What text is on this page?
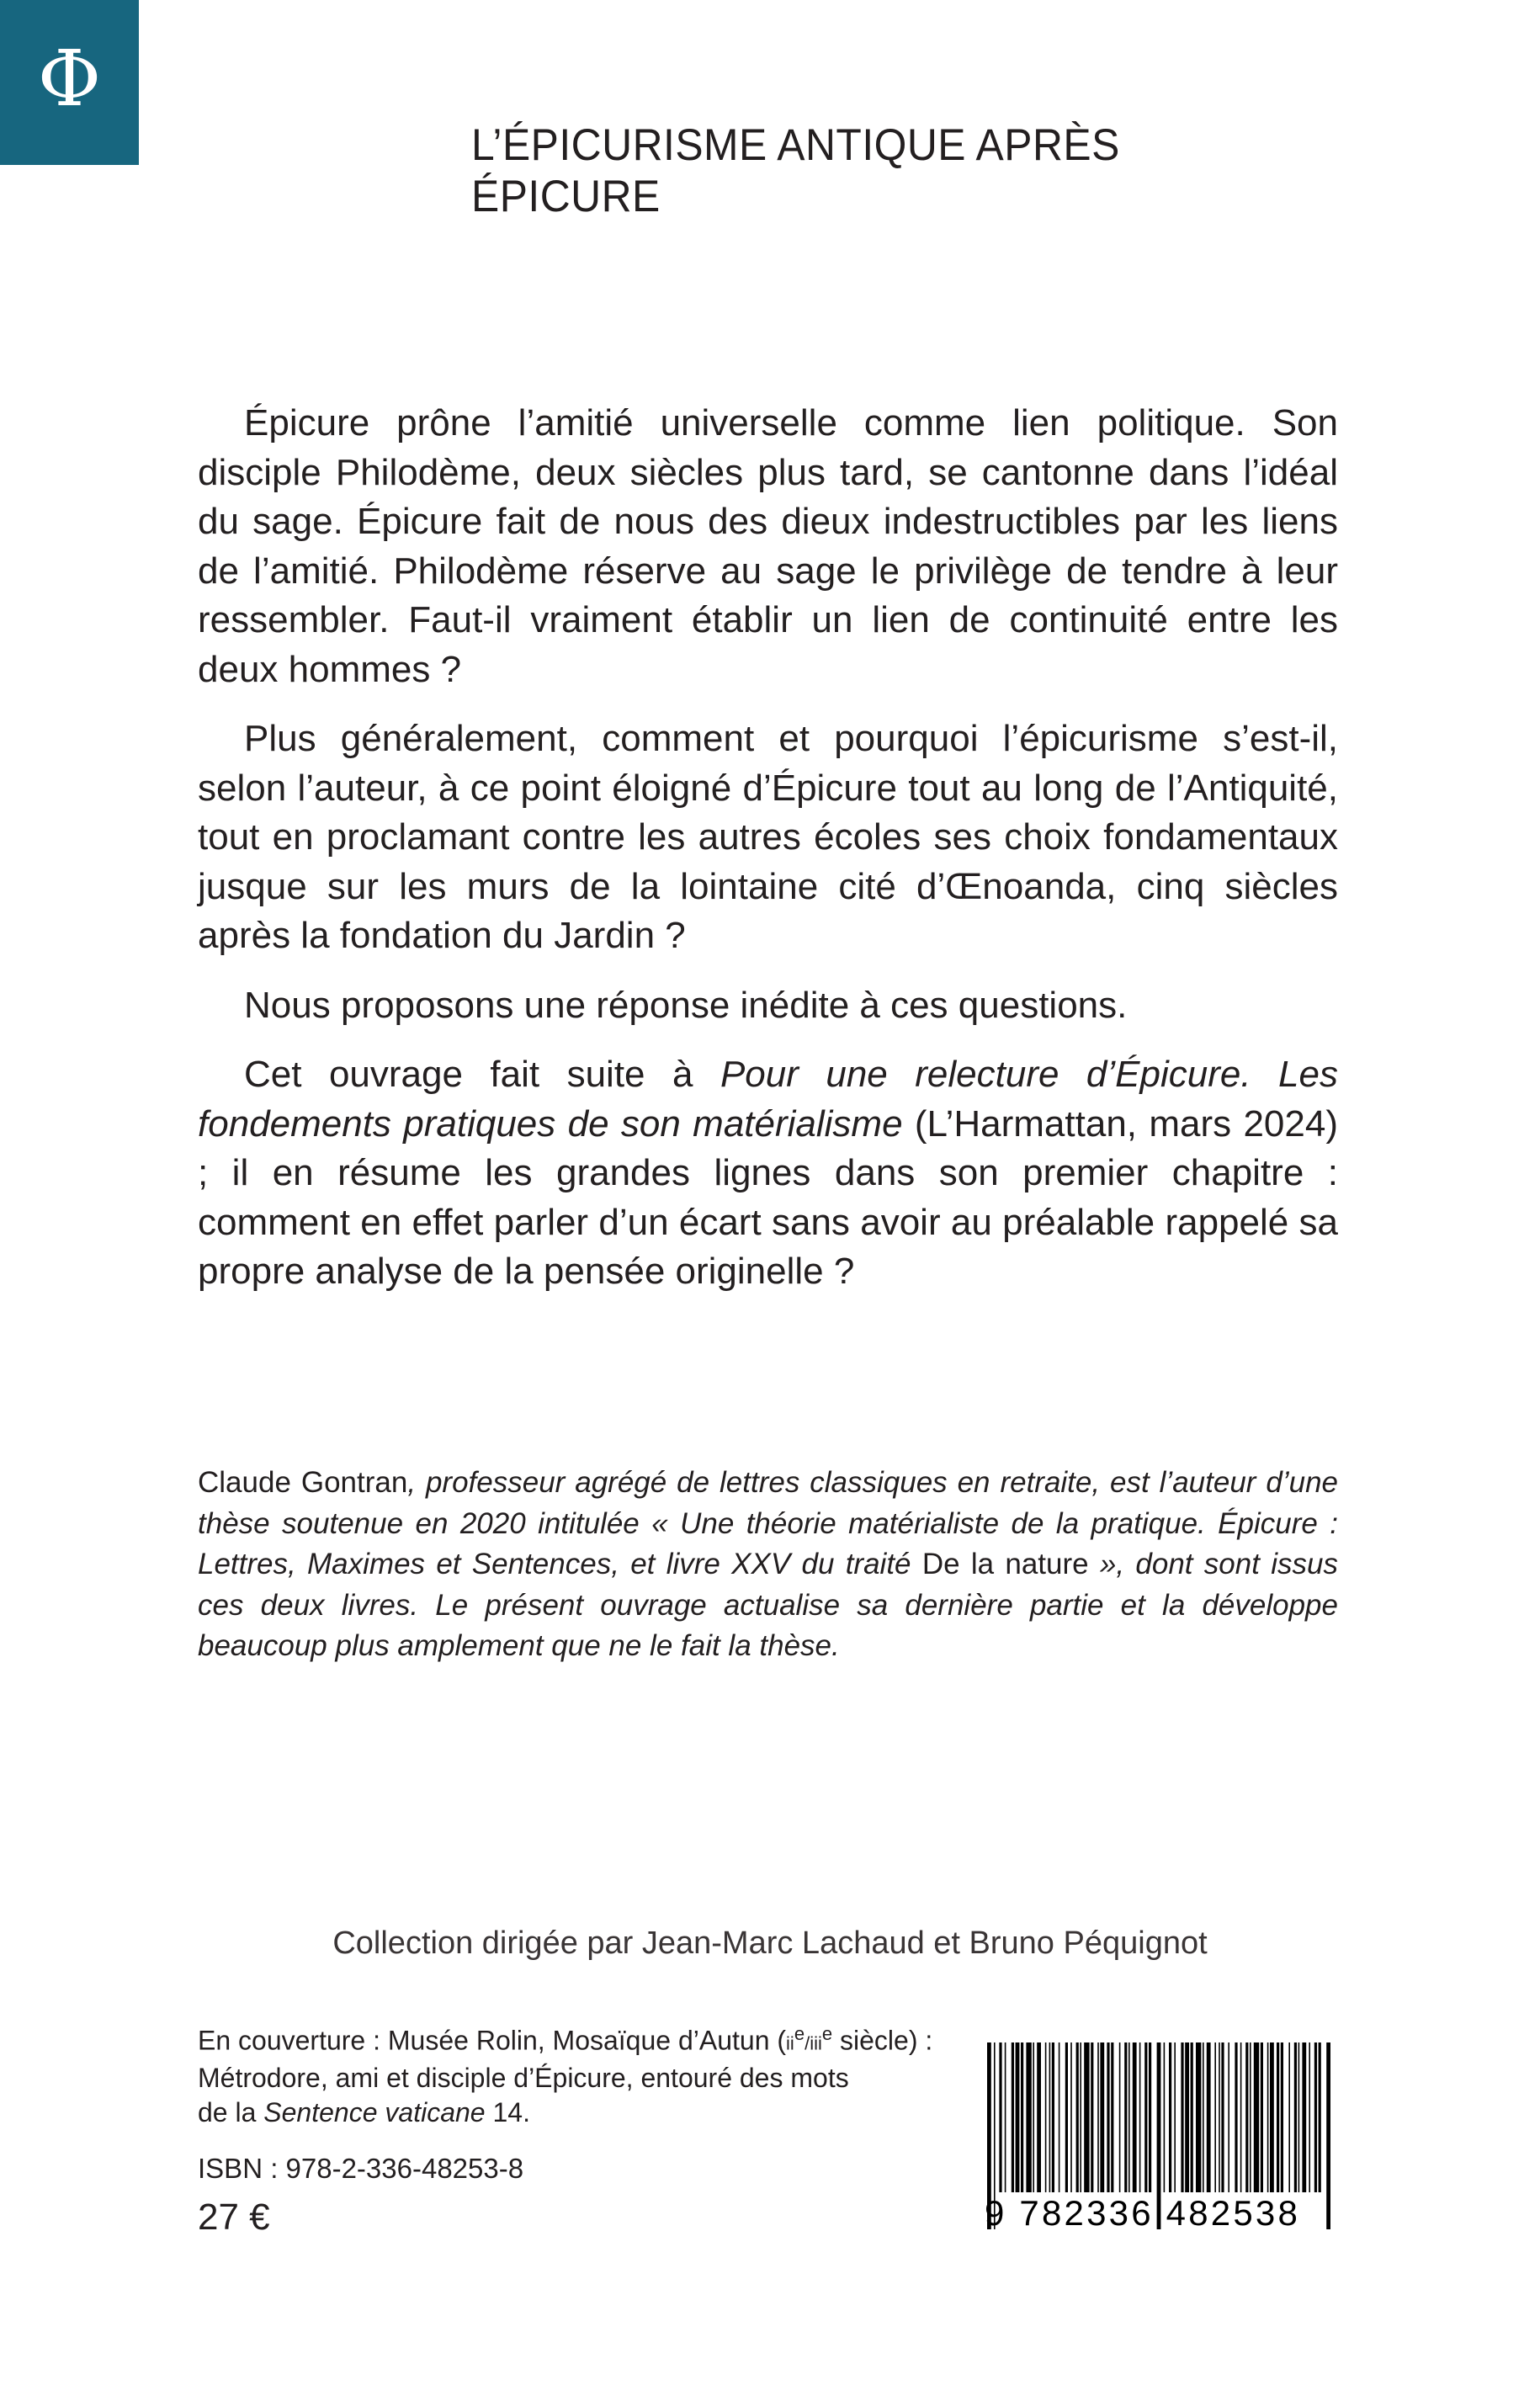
Φ
L’ÉPICURISME ANTIQUE APRÈS ÉPICURE

Épicure prône l’amitié universelle comme lien politique. Son disciple Philodème, deux siècles plus tard, se cantonne dans l’idéal du sage. Épicure fait de nous des dieux indestructibles par les liens de l’amitié. Philodème réserve au sage le privilège de tendre à leur ressembler. Faut-il vraiment établir un lien de continuité entre les deux hommes ?

Plus généralement, comment et pourquoi l’épicurisme s’est-il, selon l’auteur, à ce point éloigné d’Épicure tout au long de l’Antiquité, tout en proclamant contre les autres écoles ses choix fondamentaux jusque sur les murs de la lointaine cité d’Œnoanda, cinq siècles après la fondation du Jardin ?

Nous proposons une réponse inédite à ces questions.

Cet ouvrage fait suite à Pour une relecture d’Épicure. Les fondements pratiques de son matérialisme (L’Harmattan, mars 2024) ; il en résume les grandes lignes dans son premier chapitre : comment en effet parler d’un écart sans avoir au préalable rappelé sa propre analyse de la pensée originelle ?

Claude Gontran, professeur agrégé de lettres classiques en retraite, est l’auteur d’une thèse soutenue en 2020 intitulée « Une théorie matérialiste de la pratique. Épicure : Lettres, Maximes et Sentences, et livre XXV du traité De la nature », dont sont issus ces deux livres. Le présent ouvrage actualise sa dernière partie et la développe beaucoup plus amplement que ne le fait la thèse.
Collection dirigée par Jean-Marc Lachaud et Bruno Péquignot
En couverture : Musée Rolin, Mosaïque d’Autun ($ii^e/iii^e$ siècle) :
Métrodore, ami et disciple d’Épicure, entouré des mots
de la Sentence vaticane 14.
ISBN : 978-2-336-48253-8
27 €	9 782336 482538
